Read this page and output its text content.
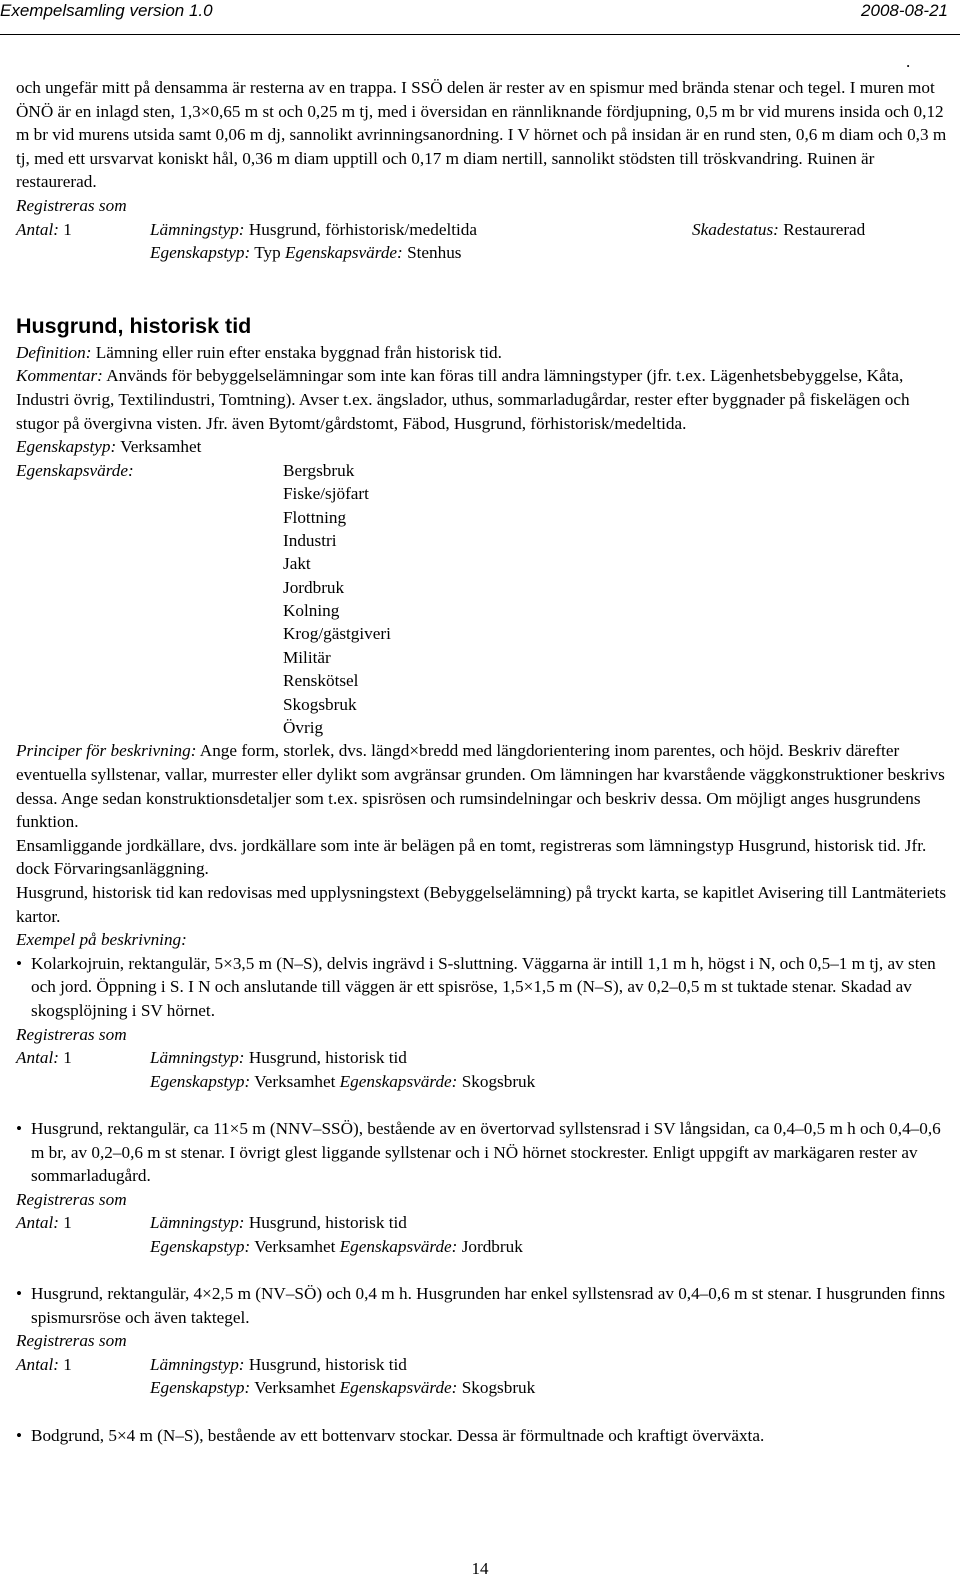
Exempelsamling version 1.0	2008-08-21
.

och ungefär mitt på densamma är resterna av en trappa. I SSÖ delen är rester av en spismur med brända stenar och tegel. I muren mot ÖNÖ är en inlagd sten, 1,3×0,65 m st och 0,25 m tj, med i översidan en rännliknande fördjupning, 0,5 m br vid murens insida och 0,12 m br vid murens utsida samt 0,06 m dj, sannolikt avrinningsanordning. I V hörnet och på insidan är en rund sten, 0,6 m diam och 0,3 m tj, med ett ursvarvat koniskt hål, 0,36 m diam upptill och 0,17 m diam nertill, sannolikt stödsten till tröskvandring. Ruinen är restaurerad.

Registreras som
Antal: 1	Lämningstyp: Husgrund, förhistorisk/medeltida	Skadestatus: Restaurerad
Egenskapstyp: Typ Egenskapsvärde: Stenhus
Husgrund, historisk tid

Definition: Lämning eller ruin efter enstaka byggnad från historisk tid.

Kommentar: Används för bebyggelselämningar som inte kan föras till andra lämningstyper (jfr. t.ex. Lägenhetsbebyggelse, Kåta, Industri övrig, Textilindustri, Tomtning). Avser t.ex. ängslador, uthus, sommarladugårdar, rester efter byggnader på fiskelägen och stugor på övergivna visten. Jfr. även Bytomt/gårdstomt, Fäbod, Husgrund, förhistorisk/medeltida.

Egenskapstyp: Verksamhet

Egenskapsvärde:	Bergsbruk
Fiske/sjöfart
Flottning
Industri
Jakt
Jordbruk
Kolning
Krog/gästgiveri
Militär
Renskötsel
Skogsbruk
Övrig

Principer för beskrivning: Ange form, storlek, dvs. längd×bredd med längdorientering inom parentes, och höjd. Beskriv därefter eventuella syllstenar, vallar, murrester eller dylikt som avgränsar grunden. Om lämningen har kvarstående väggkonstruktioner beskrivs dessa. Ange sedan konstruktionsdetaljer som t.ex. spisrösen och rumsindelningar och beskriv dessa. Om möjligt anges husgrundens funktion.

Ensamliggande jordkällare, dvs. jordkällare som inte är belägen på en tomt, registreras som lämningstyp Husgrund, historisk tid. Jfr. dock Förvaringsanläggning.

Husgrund, historisk tid kan redovisas med upplysningstext (Bebyggelselämning) på tryckt karta, se kapitlet Avisering till Lantmäteriets kartor.

Exempel på beskrivning:

• Kolarkojruin, rektangulär, 5×3,5 m (N–S), delvis ingrävd i S-sluttning. Väggarna är intill 1,1 m h, högst i N, och 0,5–1 m tj, av sten och jord. Öppning i S. I N och anslutande till väggen är ett spisröse, 1,5×1,5 m (N–S), av 0,2–0,5 m st tuktade stenar. Skadad av skogsplöjning i SV hörnet.

Registreras som
Antal: 1	Lämningstyp: Husgrund, historisk tid
Egenskapstyp: Verksamhet Egenskapsvärde: Skogsbruk

• Husgrund, rektangulär, ca 11×5 m (NNV–SSÖ), bestående av en övertorvad syllstensrad i SV långsidan, ca 0,4–0,5 m h och 0,4–0,6 m br, av 0,2–0,6 m st stenar. I övrigt glest liggande syllstenar och i NÖ hörnet stockrester. Enligt uppgift av markägaren rester av sommarladugård.

Registreras som
Antal: 1	Lämningstyp: Husgrund, historisk tid
Egenskapstyp: Verksamhet Egenskapsvärde: Jordbruk

• Husgrund, rektangulär, 4×2,5 m (NV–SÖ) och 0,4 m h. Husgrunden har enkel syllstensrad av 0,4–0,6 m st stenar. I husgrunden finns spismursröse och även taktegel.

Registreras som
Antal: 1	Lämningstyp: Husgrund, historisk tid
Egenskapstyp: Verksamhet Egenskapsvärde: Skogsbruk

• Bodgrund, 5×4 m (N–S), bestående av ett bottenvarv stockar. Dessa är förmultnade och kraftigt överväxta.

14
